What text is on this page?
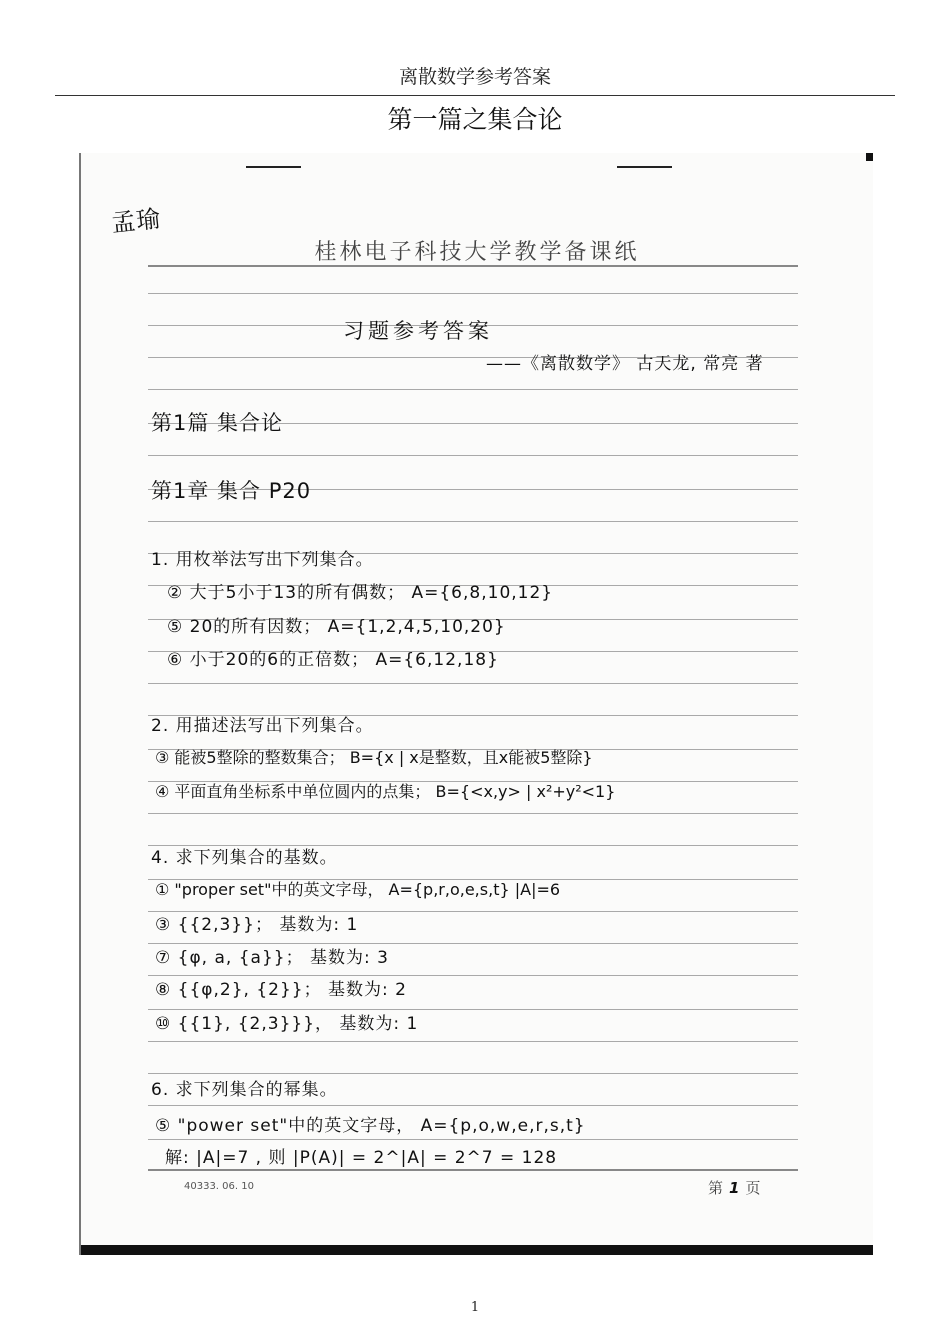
离散数学参考答案
第一篇之集合论
孟瑜
桂林电子科技大学教学备课纸
习题参考答案
——《离散数学》 古天龙, 常亮 著
第1篇 集合论
第1章 集合 P20
1. 用枚举法写出下列集合。
② 大于5小于13的所有偶数； A={6,8,10,12}
⑤ 20的所有因数； A={1,2,4,5,10,20}
⑥ 小于20的6的正倍数； A={6,12,18}
2. 用描述法写出下列集合。
③ 能被5整除的整数集合； B={x | x是整数，且x能被5整除}
④ 平面直角坐标系中单位圆内的点集； B={<x,y> | x²+y²<1}
4. 求下列集合的基数。
① "proper set"中的英文字母， A={p,r,o,e,s,t} |A|=6
③ {{2,3}}； 基数为: 1
⑦ {φ, a, {a}}； 基数为: 3
⑧ {{φ,2}, {2}}； 基数为: 2
⑩ {{1}, {2,3}}}， 基数为: 1
6. 求下列集合的幂集。
⑤ "power set"中的英文字母， A={p,o,w,e,r,s,t}
解: |A|=7 , 则 |P(A)| = 2^|A| = 2^7 = 128
40333. 06. 10	第 1 页
1
